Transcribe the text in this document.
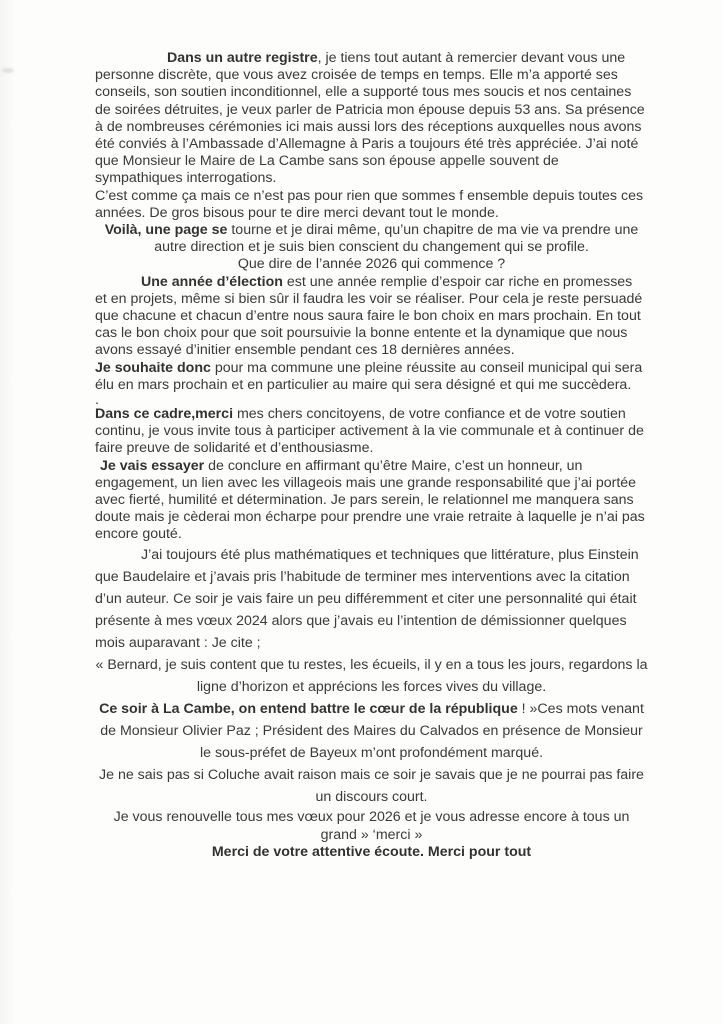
Dans un autre registre, je tiens tout autant à remercier devant vous une personne discrète, que vous avez croisée de temps en temps. Elle m’a apporté ses conseils, son soutien inconditionnel, elle a supporté tous mes soucis et nos centaines de soirées détruites, je veux parler de Patricia mon épouse depuis 53 ans. Sa présence à de nombreuses cérémonies ici mais aussi lors des réceptions auxquelles nous avons été conviés à l’Ambassade d’Allemagne à Paris a toujours été très appréciée. J’ai noté que Monsieur le Maire de La Cambe sans son épouse appelle souvent de sympathiques interrogations.

C’est comme ça mais ce n’est pas pour rien que sommes f ensemble depuis toutes ces années. De gros bisous pour te dire merci devant tout le monde.

Voilà, une page se tourne et je dirai même, qu’un chapitre de ma vie va prendre une autre direction et je suis bien conscient du changement qui se profile.

Que dire de l’année 2026 qui commence ?

Une année d’élection est une année remplie d’espoir car riche en promesses et en projets, même si bien sûr il faudra les voir se réaliser. Pour cela je reste persuadé que chacune et chacun d’entre nous saura faire le bon choix en mars prochain. En tout cas le bon choix pour que soit poursuivie la bonne entente et la dynamique que nous avons essayé d’initier ensemble pendant ces 18 dernières années.

Je souhaite donc pour ma commune une pleine réussite au conseil municipal qui sera élu en mars prochain et en particulier au maire qui sera désigné et qui me succèdera.

.

Dans ce cadre,merci mes chers concitoyens, de votre confiance et de votre soutien continu, je vous invite tous à participer activement à la vie communale et à continuer de faire preuve de solidarité et d’enthousiasme.

Je vais essayer de conclure en affirmant qu’être Maire, c’est un honneur, un engagement, un lien avec les villageois mais une grande responsabilité que j’ai portée avec fierté, humilité et détermination. Je pars serein, le relationnel me manquera sans doute mais je cèderai mon écharpe pour prendre une vraie retraite à laquelle je n’ai pas encore gouté.

J’ai toujours été plus mathématiques et techniques que littérature, plus Einstein que Baudelaire et j’avais pris l’habitude de terminer mes interventions avec la citation d’un auteur. Ce soir je vais faire un peu différemment et citer une personnalité qui était présente à mes vœux 2024 alors que j’avais eu l’intention de démissionner quelques mois auparavant : Je cite ;

« Bernard, je suis content que tu restes, les écueils, il y en a tous les jours, regardons la ligne d’horizon et apprécions les forces vives du village.

Ce soir à La Cambe, on entend battre le cœur de la république ! »Ces mots venant de Monsieur Olivier Paz ; Président des Maires du Calvados en présence de Monsieur le sous-préfet de Bayeux m’ont profondément marqué.

Je ne sais pas si Coluche avait raison mais ce soir je savais que je ne pourrai pas faire un discours court.

Je vous renouvelle tous mes vœux pour 2026 et je vous adresse encore à tous un grand » ‘merci »

Merci de votre attentive écoute. Merci pour tout
